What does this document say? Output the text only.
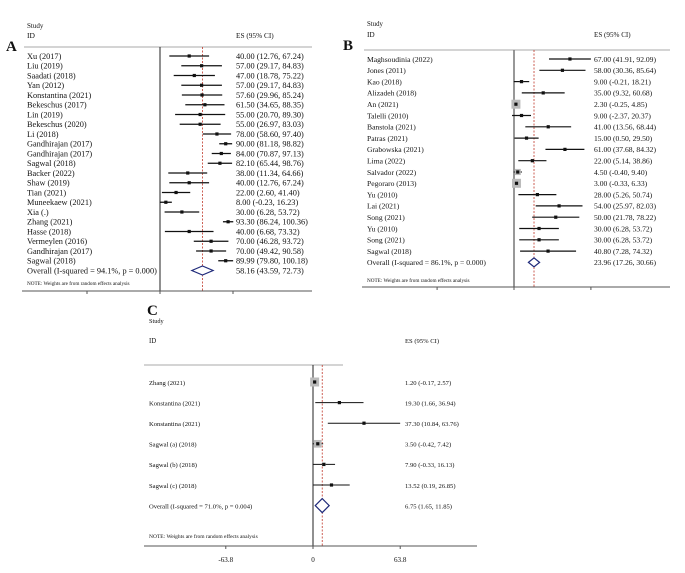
A
Study
ID	ES (95% CI)
Xu (2017)	40.00 (12.76, 67.24)
Liu (2019)	57.00 (29.17, 84.83)
Saadati (2018)	47.00 (18.78, 75.22)
Yan (2012)	57.00 (29.17, 84.83)
Konstantina (2021)	57.60 (29.96, 85.24)
Bekeschus (2017)	61.50 (34.65, 88.35)
Lin (2019)	55.00 (20.70, 89.30)
Bekeschus (2020)	55.00 (26.97, 83.03)
Li (2018)	78.00 (58.60, 97.40)
Gandhirajan (2017)	90.00 (81.18, 98.82)
Gandhirajan (2017)	84.00 (70.87, 97.13)
Sagwal (2018)	82.10 (65.44, 98.76)
Backer (2022)	38.00 (11.34, 64.66)
Shaw (2019)	40.00 (12.76, 67.24)
Tian (2021)	22.00 (2.60, 41.40)
Muneekaew (2021)	8.00 (-0.23, 16.23)
Xia (.)	30.00 (6.28, 53.72)
Zhang (2021)	93.30 (86.24, 100.36)
Hasse (2018)	40.00 (6.68, 73.32)
Vermeylen (2016)	70.00 (46.28, 93.72)
Gandhirajan (2017)	70.00 (49.42, 90.58)
Sagwal (2018)	89.99 (79.80, 100.18)
Overall (I-squared = 94.1%, p = 0.000)	58.16 (43.59, 72.73)
NOTE: Weights are from random effects analysis
B
Study
ID	ES (95% CI)
Maghsoudinia (2022)	67.00 (41.91, 92.09)
Jones (2011)	58.00 (30.36, 85.64)
Kao (2018)	9.00 (-0.21, 18.21)
Alizadeh (2018)	35.00 (9.32, 60.68)
An (2021)	2.30 (-0.25, 4.85)
Talelli (2010)	9.00 (-2.37, 20.37)
Banstola (2021)	41.00 (13.56, 68.44)
Patras (2021)	15.00 (0.50, 29.50)
Grabowska (2021)	61.00 (37.68, 84.32)
Lima (2022)	22.00 (5.14, 38.86)
Salvador (2022)	4.50 (-0.40, 9.40)
Pegoraro (2013)	3.00 (-0.33, 6.33)
Yu (2010)	28.00 (5.26, 50.74)
Lai (2021)	54.00 (25.97, 82.03)
Song (2021)	50.00 (21.78, 78.22)
Yu (2010)	30.00 (6.28, 53.72)
Song (2021)	30.00 (6.28, 53.72)
Sagwal (2018)	40.80 (7.28, 74.32)
Overall (I-squared = 86.1%, p = 0.000)	23.96 (17.26, 30.66)
NOTE: Weights are from random effects analysis
C
Study
ID	ES (95% CI)
Zhang (2021)	1.20 (-0.17, 2.57)
Konstantina (2021)	19.30 (1.66, 36.94)
Konstantina (2021)	37.30 (10.84, 63.76)
Sagwal (a) (2018)	3.50 (-0.42, 7.42)
Sagwal (b) (2018)	7.90 (-0.33, 16.13)
Sagwal (c) (2018)	13.52 (0.19, 26.85)
Overall (I-squared = 71.0%, p = 0.004)	6.75 (1.65, 11.85)
NOTE: Weights are from random effects analysis
-63.8	0	63.8
